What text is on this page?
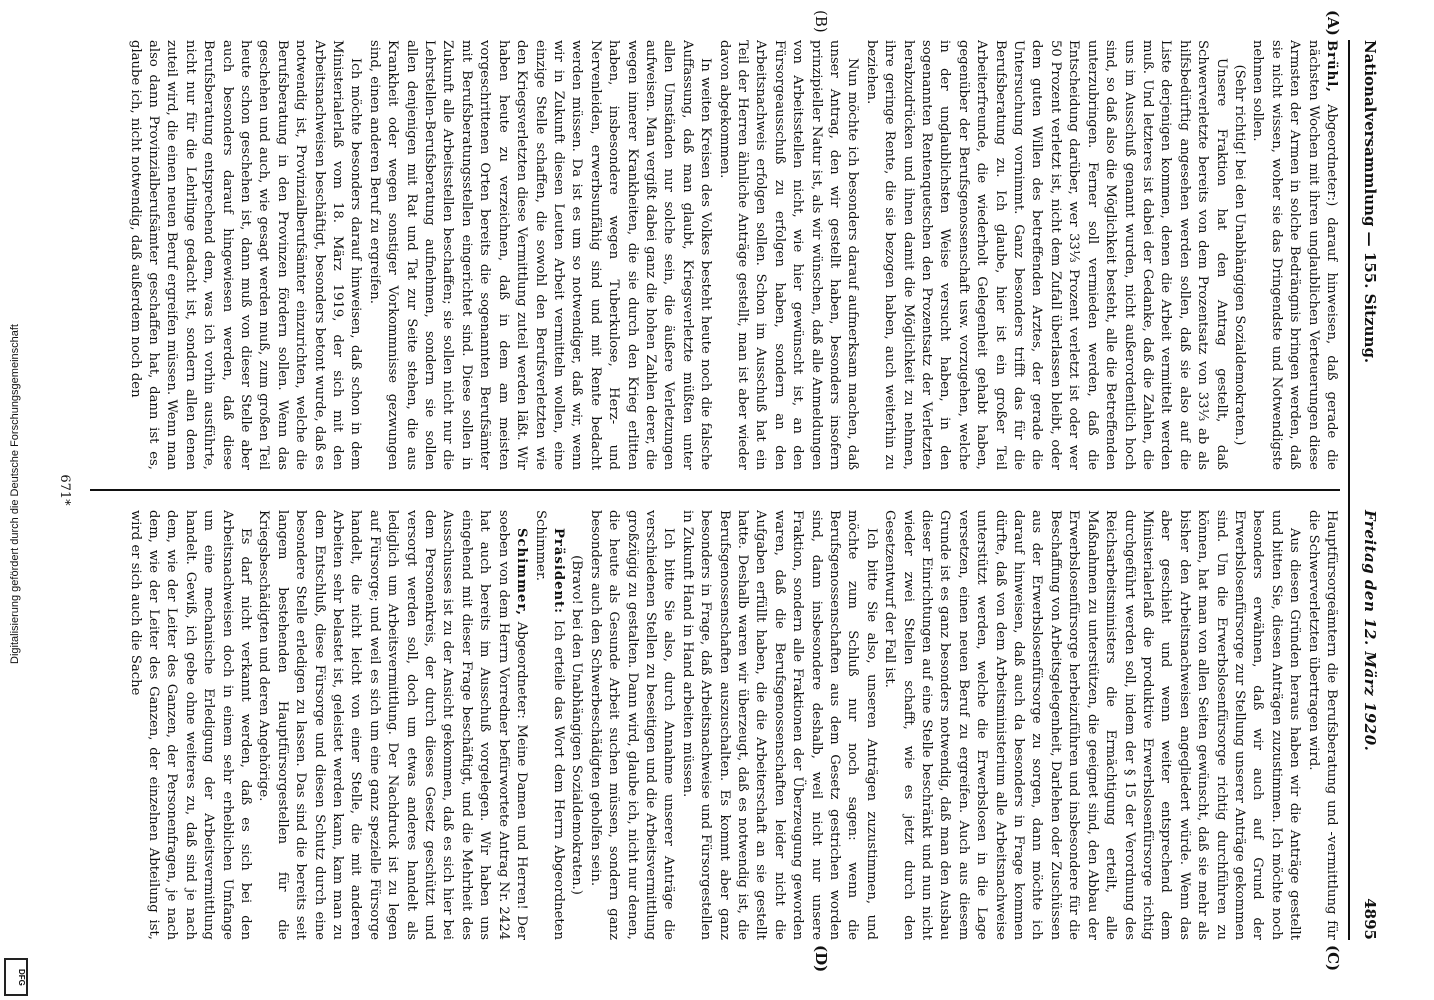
Digitalisierung gefördert durch die Deutsche Forschungsgemeinschaft
DFG
Nationalversammlung — 155. Sitzung.
Freitag den 12. März 1920.
4895
(A)
(B)
(C)
(D)

Brühl, Abgeordneter:) darauf hinweisen, daß gerade die nächsten Wochen mit ihren unglaublichen Verteuerungen diese Armsten der Armen in solche Bedrängnis bringen werden, daß sie nicht wissen, woher sie das Dringendste und Notwendigste nehmen sollen.

(Sehr richtig! bei den Unabhängigen Sozialdemokraten.)

Unsere Fraktion hat den Antrag gestellt, daß Schwerverletzte bereits von dem Prozentsatz von 33⅓ ab als hilfsbedürftig angesehen werden sollen, daß sie also auf die Liste derjenigen kommen, denen die Arbeit vermittelt werden muß. Und letzteres ist dabei der Gedanke, daß die Zahlen, die uns im Ausschuß genannt wurden, nicht außerordentlich hoch sind, so daß also die Möglichkeit besteht, alle die Betreffenden unterzubringen. Ferner soll vermieden werden, daß die Entscheidung darüber, wer 33⅓ Prozent verletzt ist oder wer 50 Prozent verletzt ist, nicht dem Zufall überlassen bleibt, oder dem guten Willen des betreffenden Arztes, der gerade die Untersuchung vornimmt. Ganz besonders trifft das für die Berufsberatung zu. Ich glaube, hier ist ein großer Teil Arbeiterfreunde, die wiederholt Gelegenheit gehabt haben, gegenüber der Berufsgenossenschaft usw. vorzugehen, welche in der unglaublichsten Weise versucht haben, in den sogenannten Rentenquetschen den Prozentsatz der Verletzten herabzudrücken und ihnen damit die Möglichkeit zu nehmen, ihre geringe Rente, die sie bezogen haben, auch weiterhin zu beziehen.

Nun möchte ich besonders darauf aufmerksam machen, daß unser Antrag, den wir gestellt haben, besonders insofern prinzipieller Natur ist, als wir wünschen, daß alle Anmeldungen von Arbeitsstellen nicht, wie hier gewünscht ist, an den Fürsorgeausschuß zu erfolgen haben, sondern an den Arbeitsnachweis erfolgen sollen. Schon im Ausschuß hat ein Teil der Herren ähnliche Anträge gestellt, man ist aber wieder davon abgekommen.

In weiten Kreisen des Volkes besteht heute noch die falsche Auffassung, daß man glaubt, Kriegsverletzte müßten unter allen Umständen nur solche sein, die äußere Verletzungen aufweisen. Man vergißt dabei ganz die hohen Zahlen derer, die wegen innerer Krankheiten, die sie durch den Krieg erlitten haben, insbesondere wegen Tuberkulose, Herz- und Nervenleiden, erwerbsunfähig sind und mit Rente bedacht werden müssen. Da ist es um so notwendiger, daß wir, wenn wir in Zukunft diesen Leuten Arbeit vermitteln wollen, eine einzige Stelle schaffen, die sowohl den Berufsverletzten wie den Kriegsverletzten diese Vermittlung zuteil werden läßt. Wir haben heute zu verzeichnen, daß in dem am meisten vorgeschrittenen Orten bereits die sogenannten Berufsämter mit Berufsberatungsstellen eingerichtet sind. Diese sollen in Zukunft alle Arbeitsstellen beschaffen; sie sollen nicht nur die Lehrstellen-Berufsberatung aufnehmen, sondern sie sollen allen denjenigen mit Rat und Tat zur Seite stehen, die aus Krankheit oder wegen sonstiger Vorkommnisse gezwungen sind, einen anderen Beruf zu ergreifen.

Ich möchte besonders darauf hinweisen, daß schon in dem Ministerialerlaß vom 18. März 1919, der sich mit den Arbeitsnachweisen beschäftigt, besonders betont wurde, daß es notwendig ist, Provinzialberufsämter einzurichten, welche die Berufsberatung in den Provinzen fördern sollen. Wenn das geschehen und auch, wie gesagt werden muß, zum großen Teil heute schon geschehen ist, dann muß von dieser Stelle aber auch besonders darauf hingewiesen werden, daß diese Berufsberatung entsprechend dem, was ich vorhin ausführte, nicht nur für die Lehrlinge gedacht ist, sondern allen denen zuteil wird, die einen neuen Beruf ergreifen müssen. Wenn man also dann Provinzialberufsämter geschaffen hat, dann ist es, glaube ich, nicht notwendig, daß außerdem noch den

Hauptfürsorgeämtern die Berufsberatung und -vermittlung für die Schwerverletzten übertragen wird.

Aus diesen Gründen heraus haben wir die Anträge gestellt und bitten Sie, diesen Anträgen zuzustimmen. Ich möchte noch besonders erwähnen, daß wir auch auf Grund der Erwerbslosenfürsorge zur Stellung unserer Anträge gekommen sind. Um die Erwerbslosenfürsorge richtig durchführen zu können, hat man von allen Seiten gewünscht, daß sie mehr als bisher den Arbeitsnachweisen angegliedert würde. Wenn das aber geschieht und wenn weiter entsprechend dem Ministerialerlaß die produktive Erwerbslosenfürsorge richtig durchgeführt werden soll, indem der § 15 der Verordnung des Reichsarbeitsministers die Ermächtigung erteilt, alle Maßnahmen zu unterstützen, die geeignet sind, den Abbau der Erwerbslosenfürsorge herbeizuführen und insbesondere für die Beschaffung von Arbeitsgelegenheit, Darlehen oder Zuschüssen aus der Erwerbslosenfürsorge zu sorgen, dann möchte ich darauf hinweisen, daß auch da besonders in Frage kommen dürfte, daß von dem Arbeitsministerium alle Arbeitsnachweise unterstützt werden, welche die Erwerbslosen in die Lage versetzen, einen neuen Beruf zu ergreifen. Auch aus diesem Grunde ist es ganz besonders notwendig, daß man den Ausbau dieser Einrichtungen auf eine Stelle beschränkt und nun nicht wieder zwei Stellen schafft, wie es jetzt durch den Gesetzentwurf der Fall ist.

Ich bitte Sie also, unseren Anträgen zuzustimmen, und möchte zum Schluß nur noch sagen: wenn die Berufsgenossenschaften aus dem Gesetz gestrichen worden sind, dann insbesondere deshalb, weil nicht nur unsere Fraktion, sondern alle Fraktionen der Überzeugung geworden waren, daß die Berufsgenossenschaften leider nicht die Aufgaben erfüllt haben, die die Arbeiterschaft an sie gestellt hatte. Deshalb waren wir überzeugt, daß es notwendig ist, die Berufsgenossenschaften auszuschalten. Es kommt aber ganz besonders in Frage, daß Arbeitsnachweise und Fürsorgestellen in Zukunft Hand in Hand arbeiten müssen.

Ich bitte Sie also, durch Annahme unserer Anträge die verschiedenen Stellen zu beseitigen und die Arbeitsvermittlung großzügig zu gestalten. Dann wird, glaube ich, nicht nur denen, die heute als Gesunde Arbeit suchen müssen, sondern ganz besonders auch den Schwerbeschädigten geholfen sein.

(Bravo! bei den Unabhängigen Sozialdemokraten.)

Präsident: Ich erteile das Wort dem Herrn Abgeordneten Schimmer.

Schimmer, Abgeordneter: Meine Damen und Herren! Der soeben von dem Herrn Vorredner befürwortete Antrag Nr. 2424 hat auch bereits im Ausschuß vorgelegen. Wir haben uns eingehend mit dieser Frage beschäftigt, und die Mehrheit des Ausschusses ist zu der Ansicht gekommen, daß es sich hier bei dem Personenkreis, der durch dieses Gesetz geschützt und versorgt werden soll, doch um etwas anderes handelt als lediglich um Arbeitsvermittlung. Der Nachdruck ist zu legen auf Fürsorge; und weil es sich um eine ganz spezielle Fürsorge handelt, die nicht leicht von einer Stelle, die mit anderen Arbeiten sehr belastet ist, geleistet werden kann, kam man zu dem Entschluß, diese Fürsorge und diesen Schutz durch eine besondere Stelle erledigen zu lassen. Das sind die bereits seit langem bestehenden Hauptfürsorgestellen für die Kriegsbeschädigten und deren Angehörige.

Es darf nicht verkannt werden, daß es sich bei den Arbeitsnachweisen doch in einem sehr erheblichen Umfange um eine mechanische Erledigung der Arbeitsvermittlung handelt. Gewiß, ich gebe ohne weiteres zu, daß sind je nach dem, wie der Leiter des Ganzen, der Personenfragen, je nach dem, wie der Leiter des Ganzen, der einzelnen Abteilung ist, wird er sich auch die Sache

671*
